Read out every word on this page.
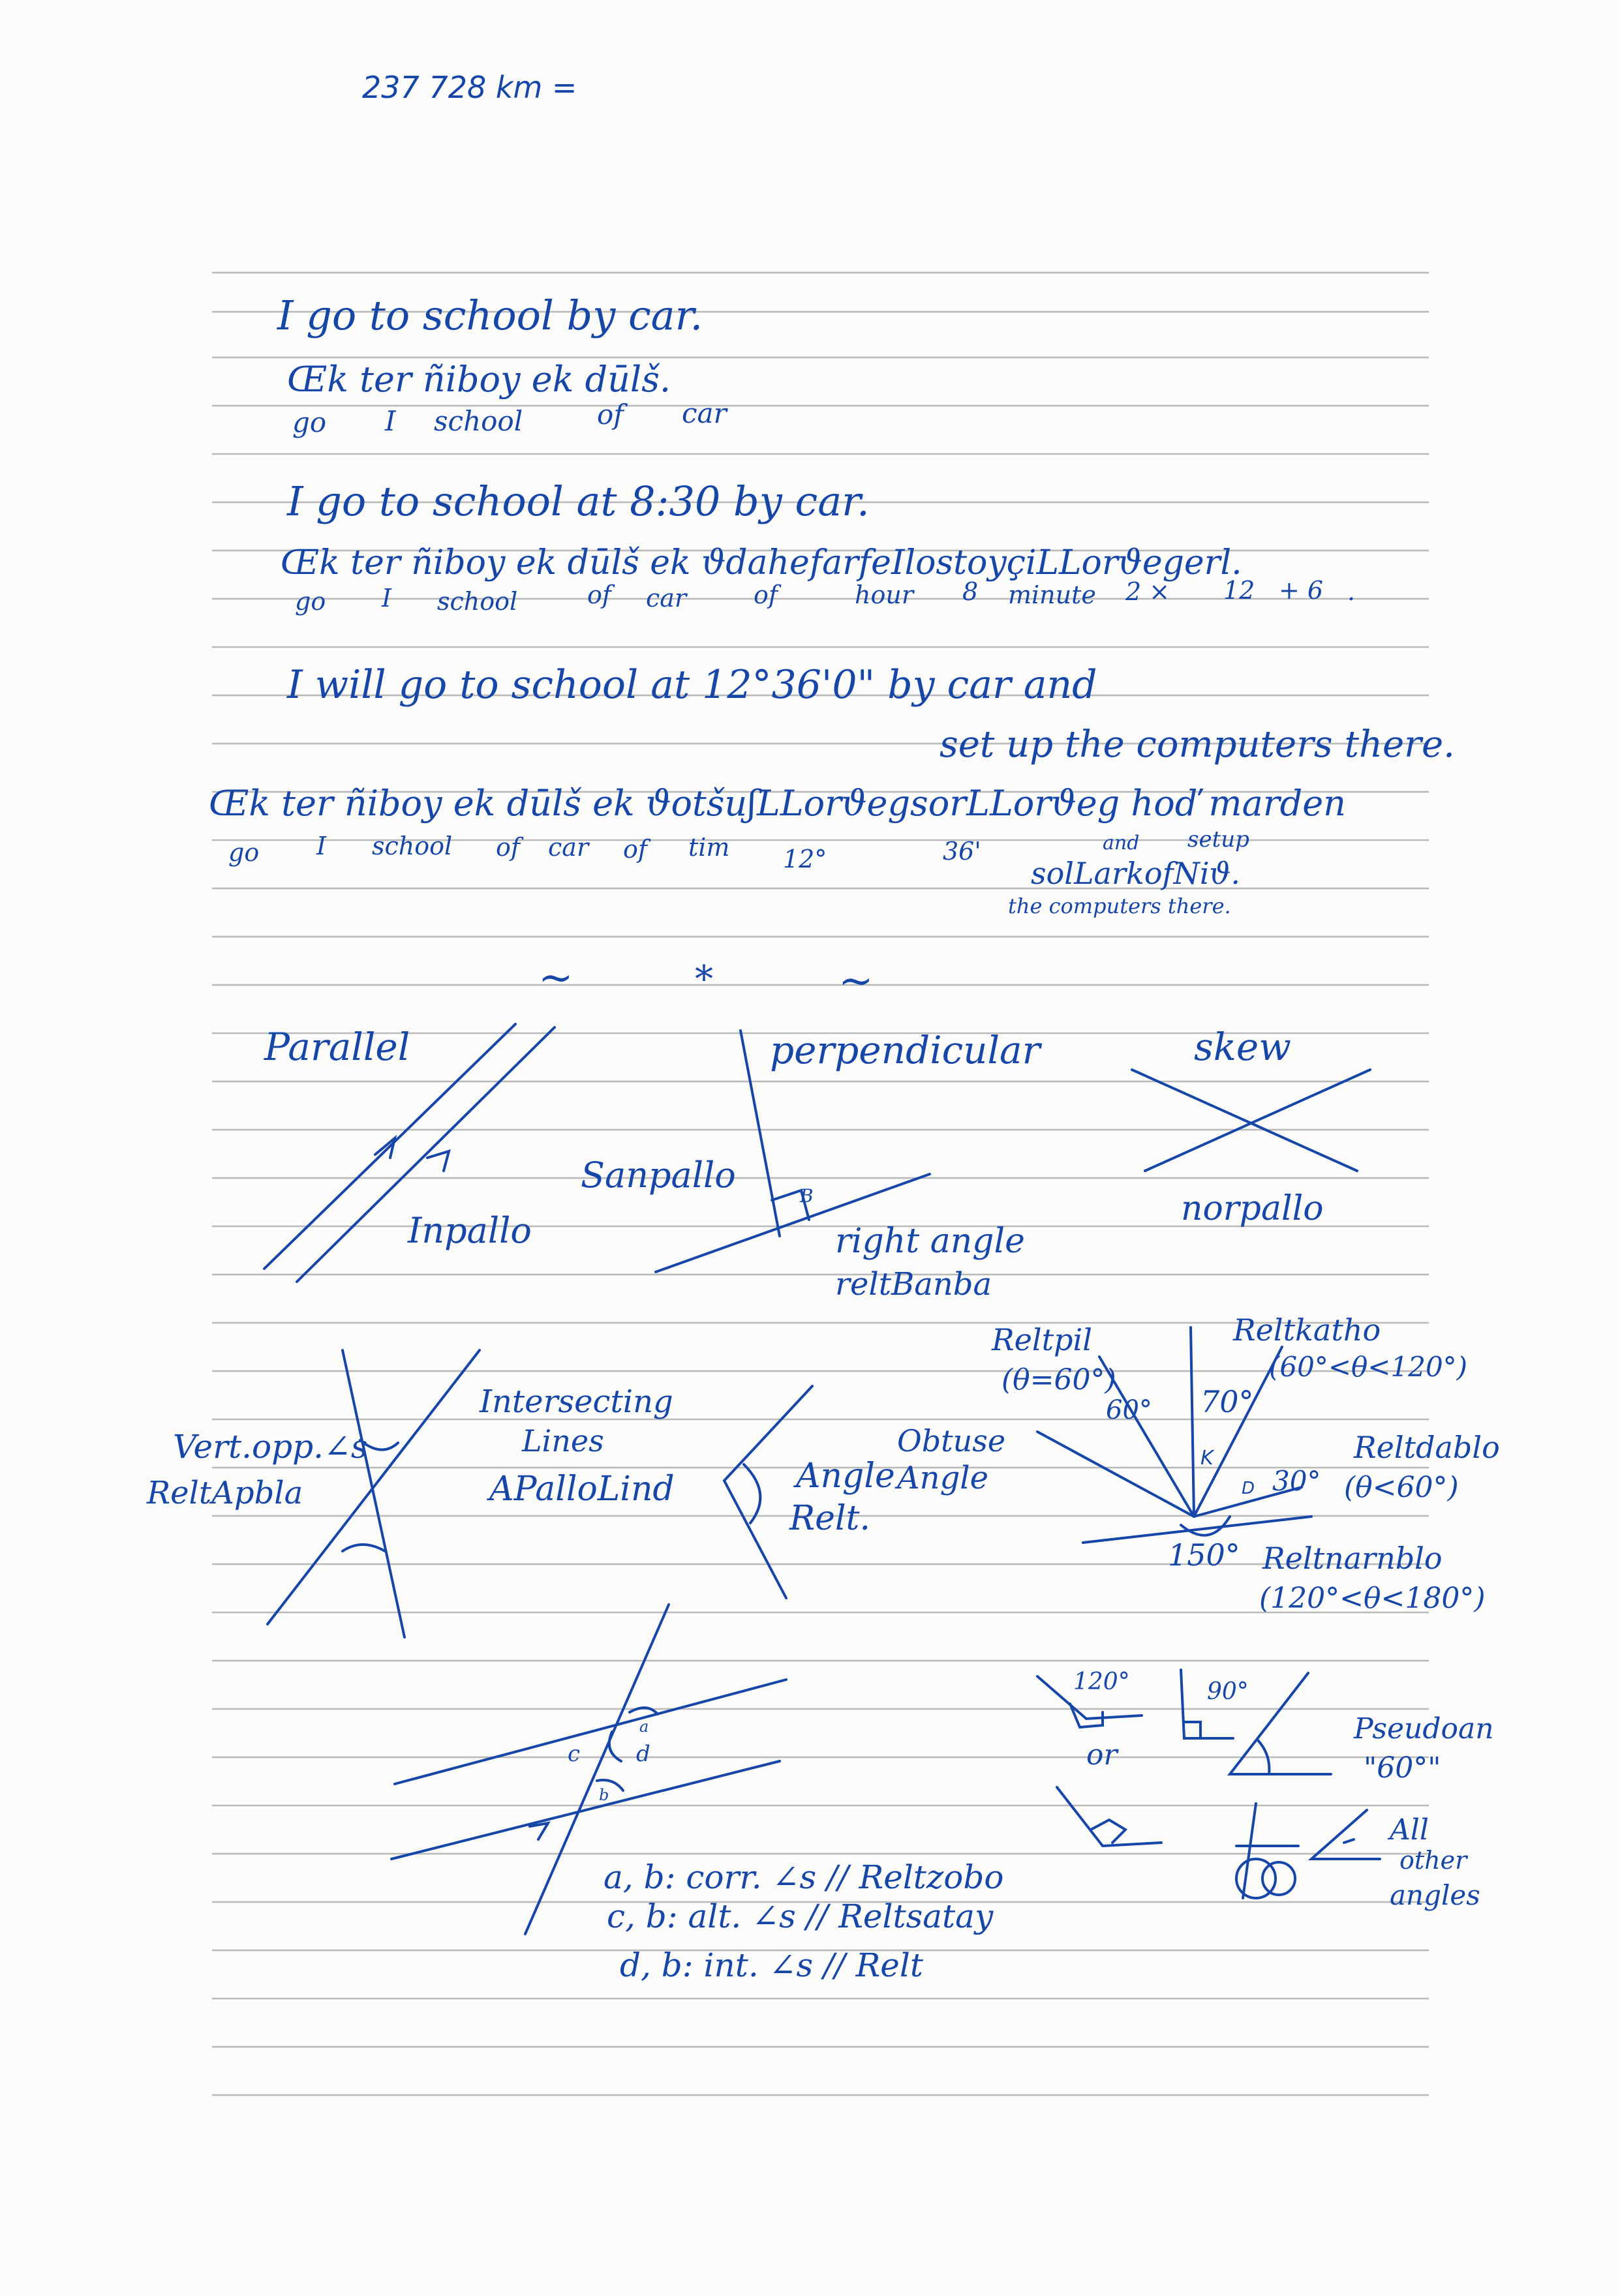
237 728 km =
I go to school by car.
Œk ter ñiboy ek dūlš.
go I school	of car
I go to school at 8:30 by car.
Œk ter ñiboy ek dūlš ek ϑdahefarfeIlostoyçiLLorϑegerl.
go I school	of car	of	hour 8 minute 2 × 12 + 6 .
I will go to school at 12°36'0" by car and
set up the computers there.
Œk ter ñiboy ek dūlš ek ϑotšuʃLLorϑegsorLLorϑeg hoď marden
go I school of car of tim 12°	36'	and setup
solLarkofNiϑ.
the computers there.
~	*	~
Parallel
Inpallo
perpendicular
Sanpallo
B
right angle
reltBanba
skew
norpallo
Vert.opp.∠s
ReltApbla
Intersecting
Lines
APalloLind	Angle
Relt.
Obtuse
Angle
Reltpil
(θ=60°)
60° 70°
Reltkatho
(60°<θ<120°)
K
D 30°
Reltdablo
(θ<60°)
150° Reltnarnblo
(120°<θ<180°)
c
a
d
b
a, b: corr. ∠s // Reltzobo
c, b: alt. ∠s // Reltsatay
d, b: int. ∠s // Relt
120°	90°
or
Pseudoan
"60°"
All
other
angles
